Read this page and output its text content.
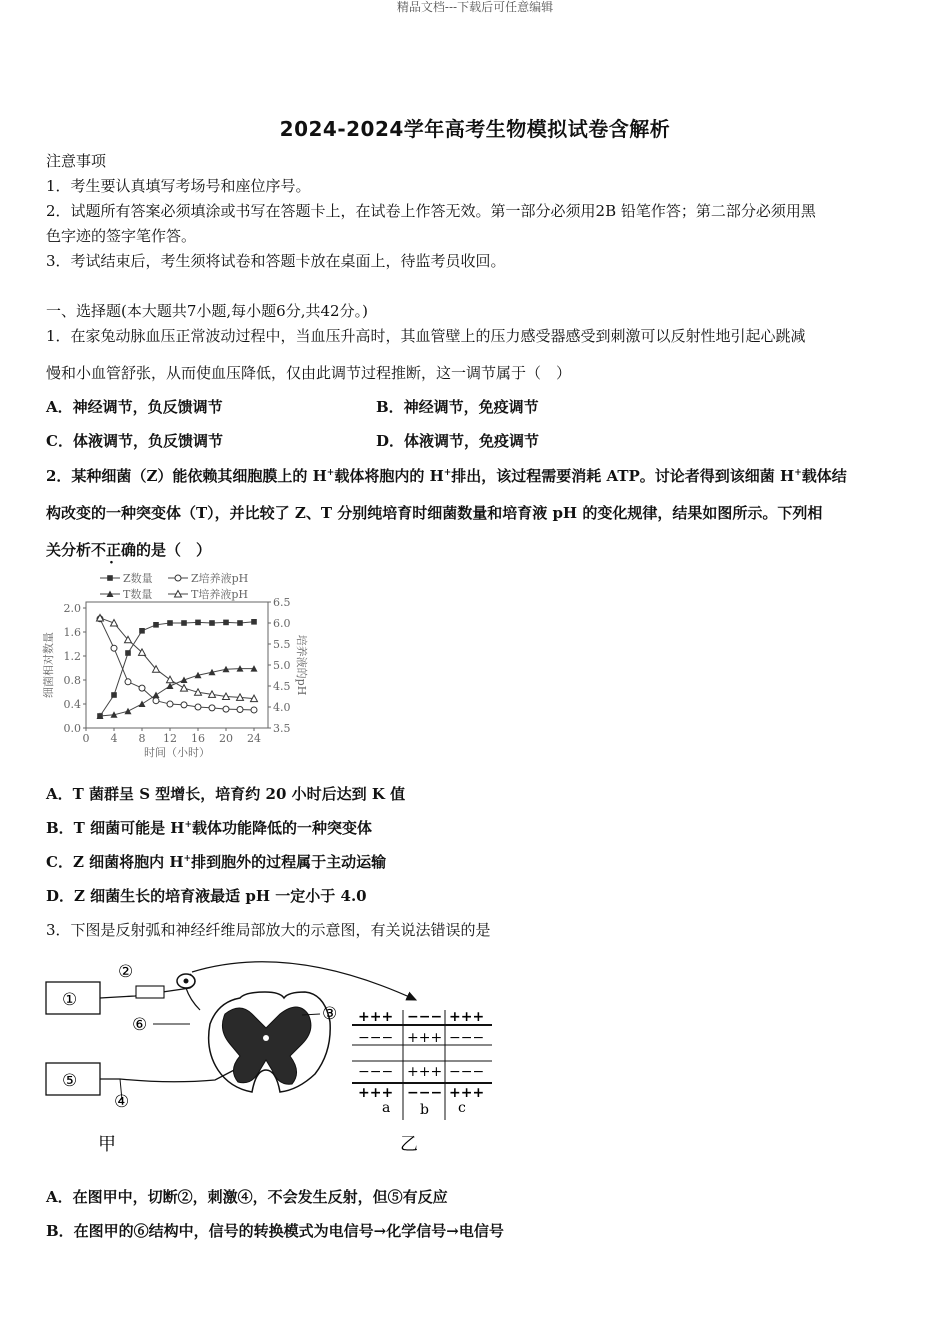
精品文档---下载后可任意编辑
2024-2024学年高考生物模拟试卷含解析
注意事项
1．考生要认真填写考场号和座位序号。
2．试题所有答案必须填涂或书写在答题卡上，在试卷上作答无效。第一部分必须用2B 铅笔作答；第二部分必须用黑
色字迹的签字笔作答。
3．考试结束后，考生须将试卷和答题卡放在桌面上，待监考员收回。
一、选择题(本大题共7小题,每小题6分,共42分。)
1．在家兔动脉血压正常波动过程中，当血压升高时，其血管壁上的压力感受器感受到刺激可以反射性地引起心跳减
慢和小血管舒张，从而使血压降低，仅由此调节过程推断，这一调节属于（　）
A．神经调节，负反馈调节	B．神经调节，免疫调节
C．体液调节，负反馈调节	D．体液调节，免疫调节
2．某种细菌（Z）能依赖其细胞膜上的 H+载体将胞内的 H+排出，该过程需要消耗 ATP。讨论者得到该细菌 H+载体结
构改变的一种突变体（T），并比较了 Z、T 分别纯培育时细菌数量和培育液 pH 的变化规律，结果如图所示。下列相
关分析不正确的是（　）
0.0
0.4
0.8
1.2
1.6
2.0
3.5
4.0
4.5
5.0
5.5
6.0
6.5
0 4 8 12 16 20 24
时间（小时）
细菌相对数量	培养液的pH
Z数量	Z培养液pH
T数量	T培养液pH
A．T 菌群呈 S 型增长，培育约 20 小时后达到 K 值
B．T 细菌可能是 H+载体功能降低的一种突变体
C．Z 细菌将胞内 H+排到胞外的过程属于主动运输
D．Z 细菌生长的培育液最适 pH 一定小于 4.0
3．下图是反射弧和神经纤维局部放大的示意图，有关说法错误的是
①
⑤
②
④
⑥
③ +++ −−− +++
−−− +++ −−−
−−− +++ −−−
+++ −−− +++
a b c
甲	乙
A．在图甲中，切断②，刺激④，不会发生反射，但⑤有反应
B．在图甲的⑥结构中，信号的转换模式为电信号→化学信号→电信号
